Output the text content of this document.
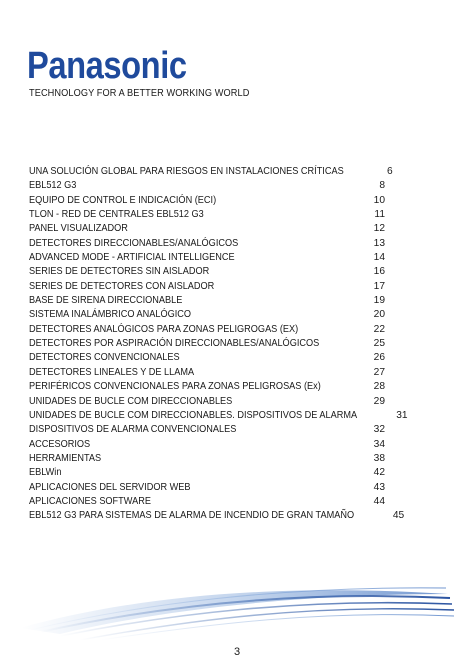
Panasonic
TECHNOLOGY FOR A BETTER WORKING WORLD
UNA SOLUCIÓN GLOBAL PARA RIESGOS EN INSTALACIONES CRÍTICAS	6
EBL512 G3	8
EQUIPO DE CONTROL E INDICACIÓN (ECI)	10
TLON - RED DE CENTRALES EBL512 G3	11
PANEL VISUALIZADOR	12
DETECTORES DIRECCIONABLES/ANALÓGICOS	13
ADVANCED MODE - ARTIFICIAL INTELLIGENCE	14
SERIES DE DETECTORES SIN AISLADOR	16
SERIES DE DETECTORES CON AISLADOR	17
BASE DE SIRENA DIRECCIONABLE	19
SISTEMA INALÁMBRICO ANALÓGICO	20
DETECTORES ANALÓGICOS PARA ZONAS PELIGROGAS (EX)	22
DETECTORES POR ASPIRACIÓN DIRECCIONABLES/ANALÓGICOS	25
DETECTORES CONVENCIONALES	26
DETECTORES LINEALES Y DE LLAMA	27
PERIFÉRICOS CONVENCIONALES PARA ZONAS PELIGROSAS (Ex)	28
UNIDADES DE BUCLE COM DIRECCIONABLES	29
UNIDADES DE BUCLE COM DIRECCIONABLES. DISPOSITIVOS DE ALARMA	31
DISPOSITIVOS DE ALARMA CONVENCIONALES	32
ACCESORIOS	34
HERRAMIENTAS	38
EBLWin	42
APLICACIONES DEL SERVIDOR WEB	43
APLICACIONES SOFTWARE	44
EBL512 G3 PARA SISTEMAS DE ALARMA DE INCENDIO DE GRAN TAMAÑO	45
3
